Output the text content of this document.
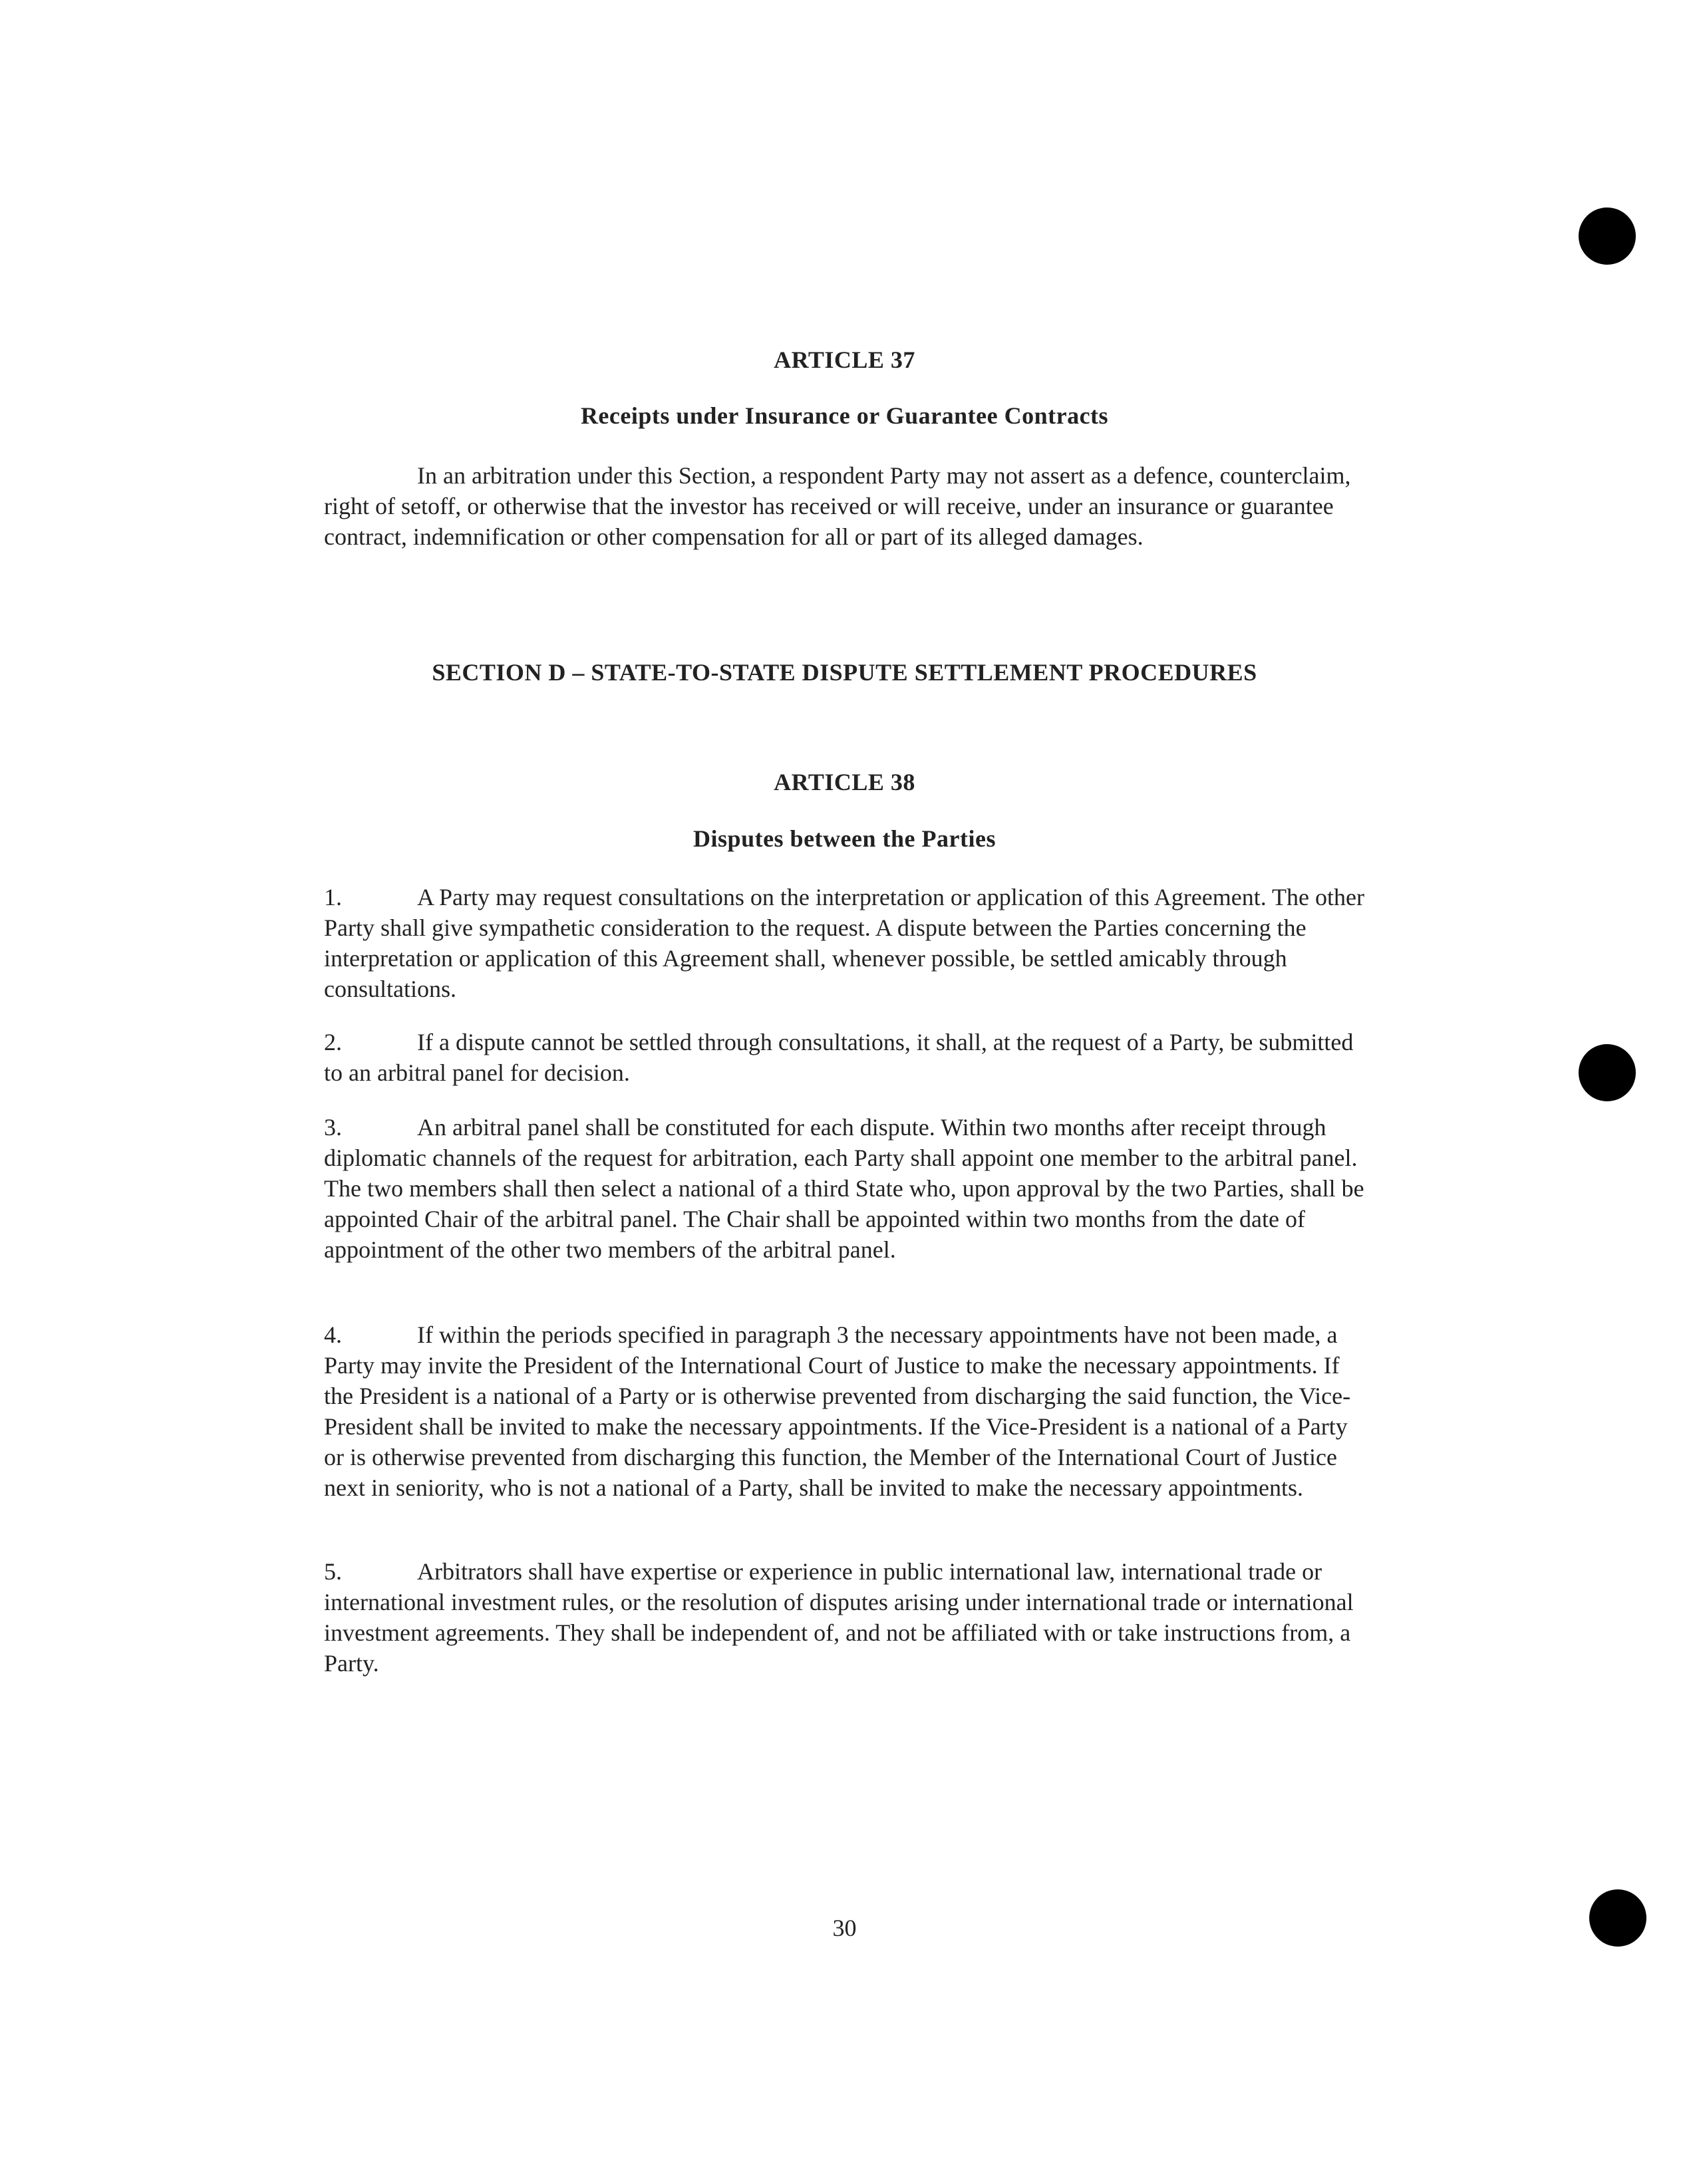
ARTICLE 37
Receipts under Insurance or Guarantee Contracts
In an arbitration under this Section, a respondent Party may not assert as a defence, counterclaim, right of setoff, or otherwise that the investor has received or will receive, under an insurance or guarantee contract, indemnification or other compensation for all or part of its alleged damages.
SECTION D – STATE-TO-STATE DISPUTE SETTLEMENT PROCEDURES
ARTICLE 38
Disputes between the Parties
1.	A Party may request consultations on the interpretation or application of this Agreement. The other Party shall give sympathetic consideration to the request. A dispute between the Parties concerning the interpretation or application of this Agreement shall, whenever possible, be settled amicably through consultations.
2.	If a dispute cannot be settled through consultations, it shall, at the request of a Party, be submitted to an arbitral panel for decision.
3.	An arbitral panel shall be constituted for each dispute. Within two months after receipt through diplomatic channels of the request for arbitration, each Party shall appoint one member to the arbitral panel. The two members shall then select a national of a third State who, upon approval by the two Parties, shall be appointed Chair of the arbitral panel. The Chair shall be appointed within two months from the date of appointment of the other two members of the arbitral panel.
4.	If within the periods specified in paragraph 3 the necessary appointments have not been made, a Party may invite the President of the International Court of Justice to make the necessary appointments. If the President is a national of a Party or is otherwise prevented from discharging the said function, the Vice-President shall be invited to make the necessary appointments. If the Vice-President is a national of a Party or is otherwise prevented from discharging this function, the Member of the International Court of Justice next in seniority, who is not a national of a Party, shall be invited to make the necessary appointments.
5.	Arbitrators shall have expertise or experience in public international law, international trade or international investment rules, or the resolution of disputes arising under international trade or international investment agreements. They shall be independent of, and not be affiliated with or take instructions from, a Party.
30
